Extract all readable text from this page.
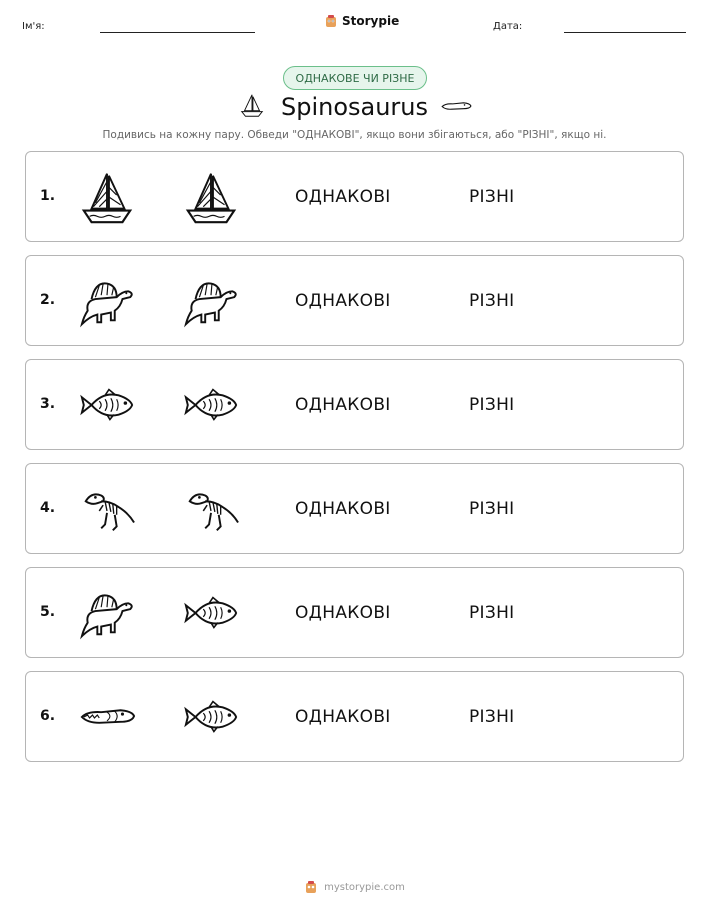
Ім'я:	Storypie	Дата:
ОДНАКОВЕ ЧИ РІЗНЕ
Spinosaurus
Подивись на кожну пару. Обведи "ОДНАКОВІ", якщо вони збігаються, або "РІЗНІ", якщо ні.
1.	ОДНАКОВІ	РІЗНІ
2.	ОДНАКОВІ	РІЗНІ
3.	ОДНАКОВІ	РІЗНІ
4.	ОДНАКОВІ	РІЗНІ
5.	ОДНАКОВІ	РІЗНІ
6.	ОДНАКОВІ	РІЗНІ
mystorypie.com
